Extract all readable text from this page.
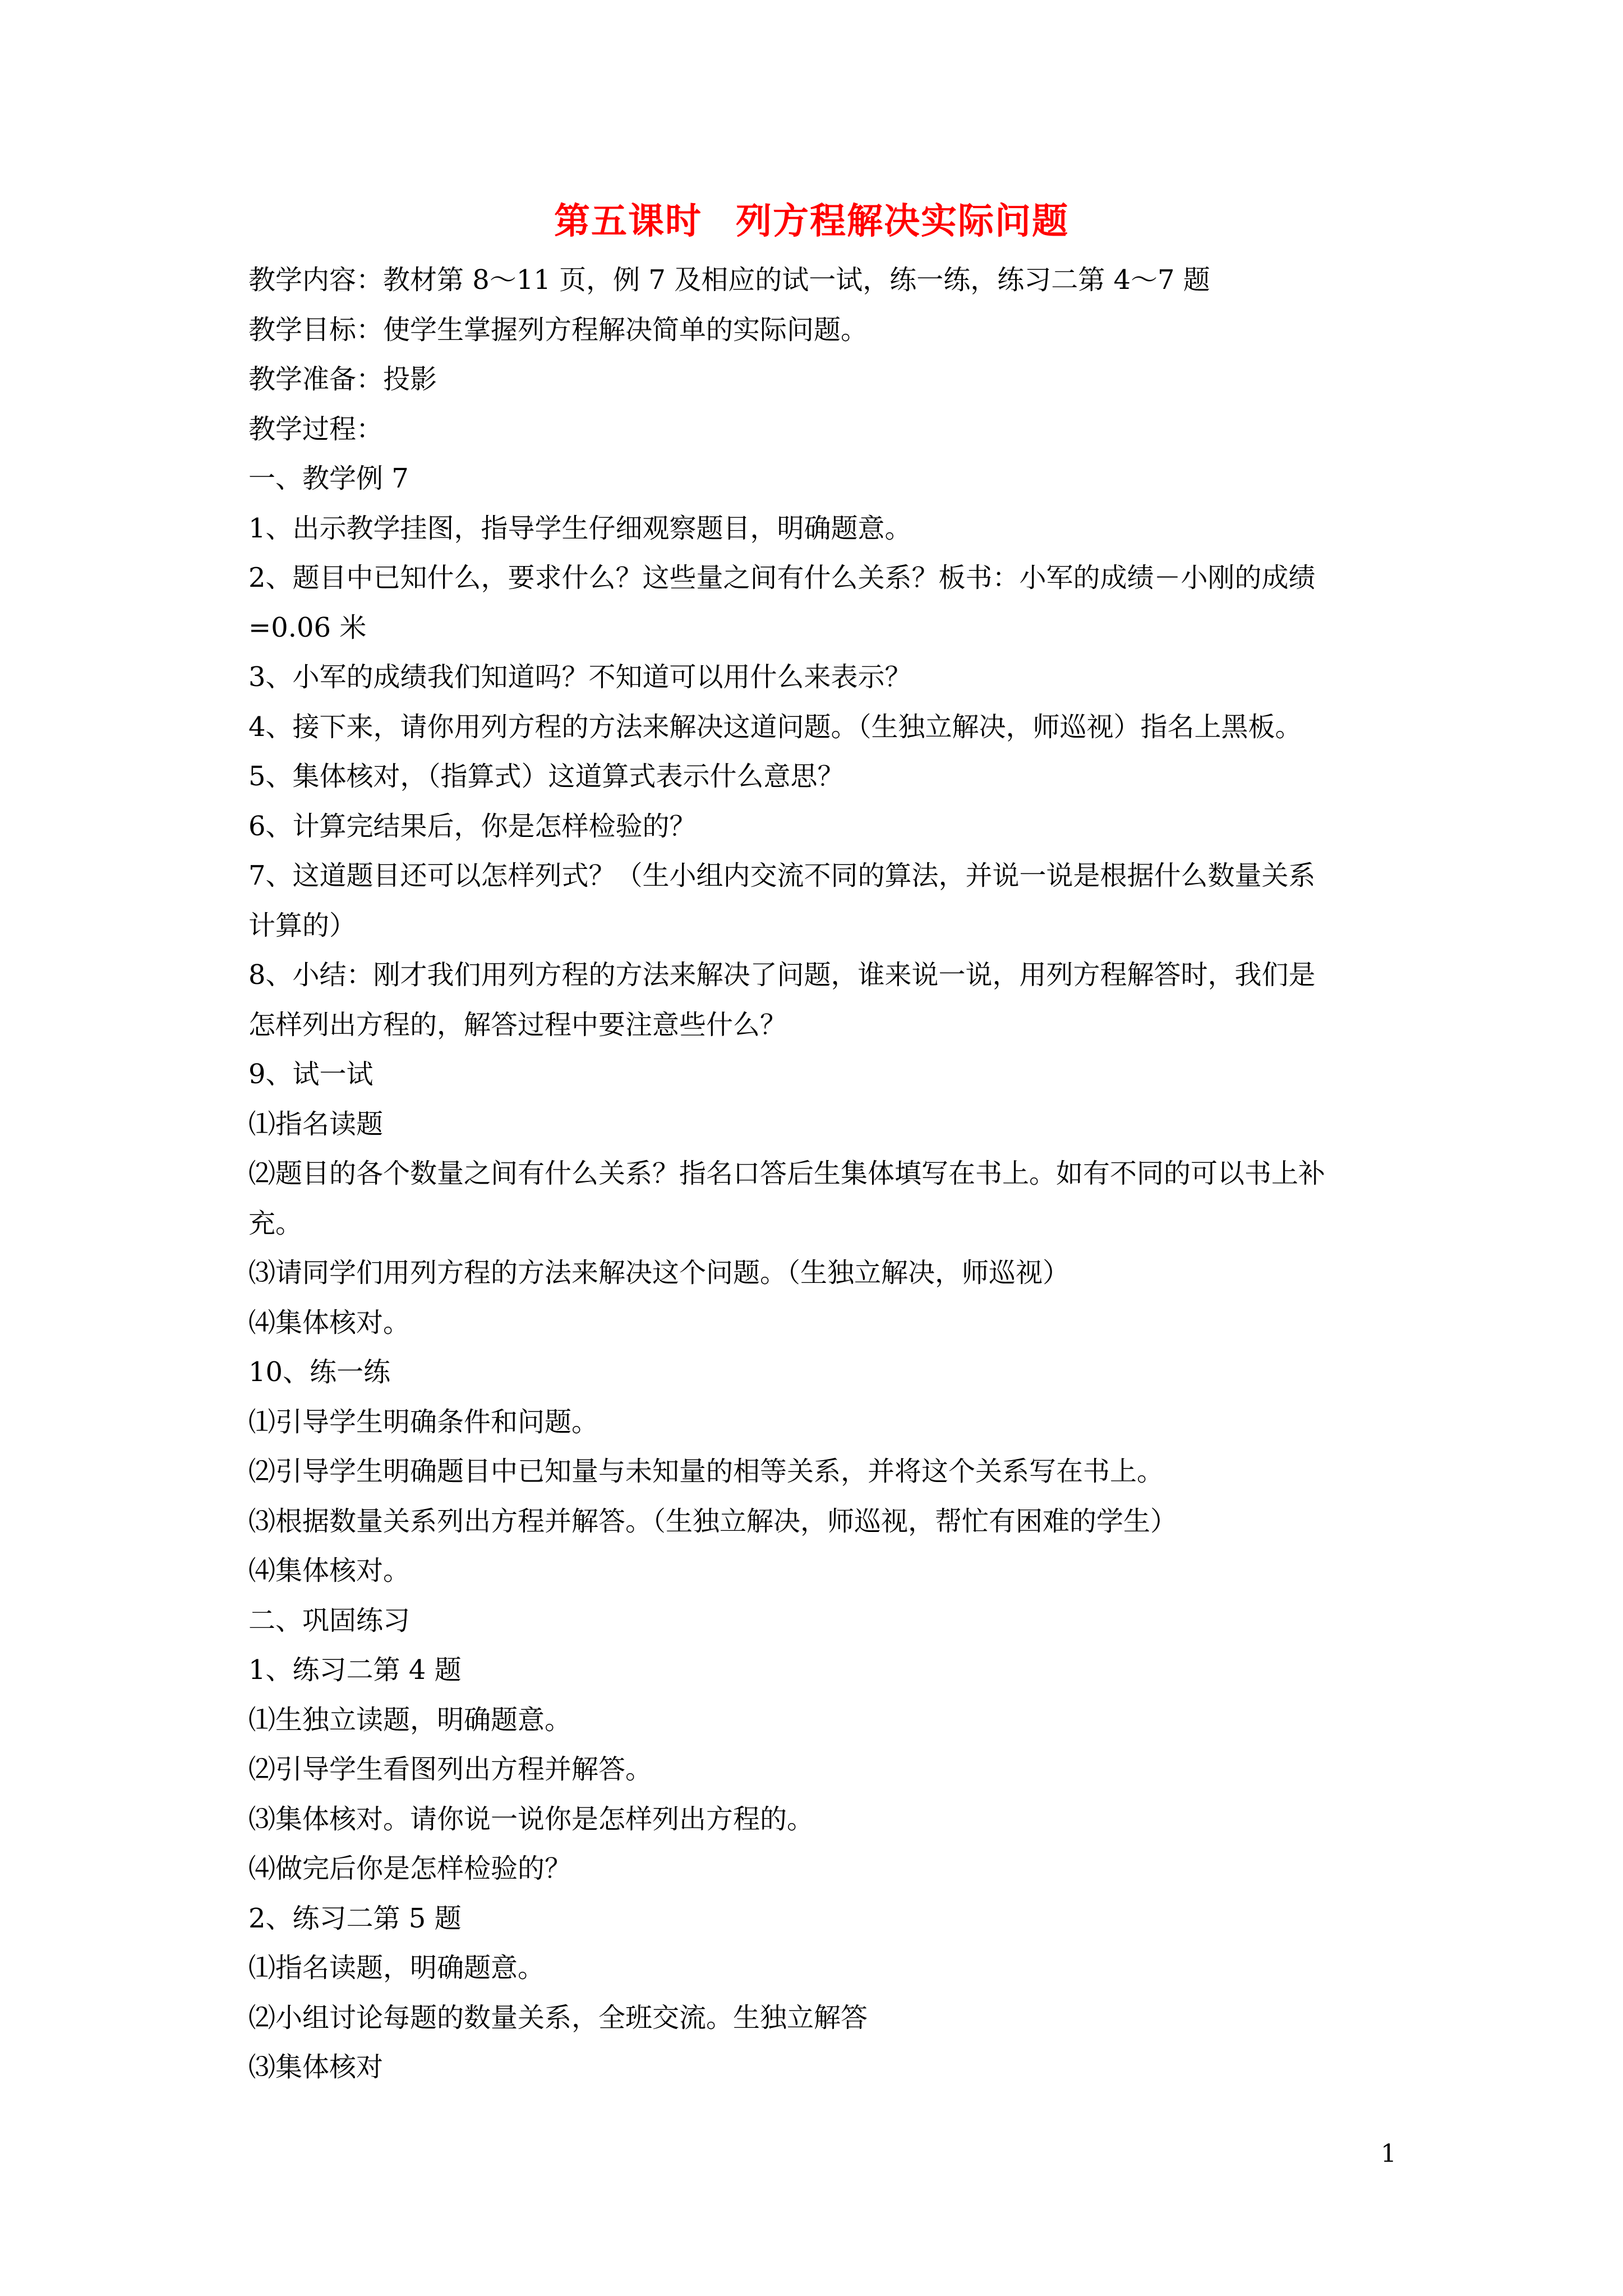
第五课时 列方程解决实际问题
教学内容：教材第 8～11 页，例 7 及相应的试一试，练一练，练习二第 4～7 题
教学目标：使学生掌握列方程解决简单的实际问题。
教学准备：投影
教学过程：
一、教学例 7
1、出示教学挂图，指导学生仔细观察题目，明确题意。
2、题目中已知什么，要求什么？这些量之间有什么关系？板书：小军的成绩－小刚的成绩
=0.06 米
3、小军的成绩我们知道吗？不知道可以用什么来表示？
4、接下来，请你用列方程的方法来解决这道问题。（生独立解决，师巡视）指名上黑板。
5、集体核对，（指算式）这道算式表示什么意思？
6、计算完结果后，你是怎样检验的？
7、这道题目还可以怎样列式？（生小组内交流不同的算法，并说一说是根据什么数量关系
计算的）
8、小结：刚才我们用列方程的方法来解决了问题，谁来说一说，用列方程解答时，我们是
怎样列出方程的，解答过程中要注意些什么？
9、试一试
⑴指名读题
⑵题目的各个数量之间有什么关系？指名口答后生集体填写在书上。如有不同的可以书上补
充。
⑶请同学们用列方程的方法来解决这个问题。（生独立解决，师巡视）
⑷集体核对。
10、练一练
⑴引导学生明确条件和问题。
⑵引导学生明确题目中已知量与未知量的相等关系，并将这个关系写在书上。
⑶根据数量关系列出方程并解答。（生独立解决，师巡视，帮忙有困难的学生）
⑷集体核对。
二、巩固练习
1、练习二第 4 题
⑴生独立读题，明确题意。
⑵引导学生看图列出方程并解答。
⑶集体核对。请你说一说你是怎样列出方程的。
⑷做完后你是怎样检验的？
2、练习二第 5 题
⑴指名读题，明确题意。
⑵小组讨论每题的数量关系，全班交流。生独立解答
⑶集体核对
1
